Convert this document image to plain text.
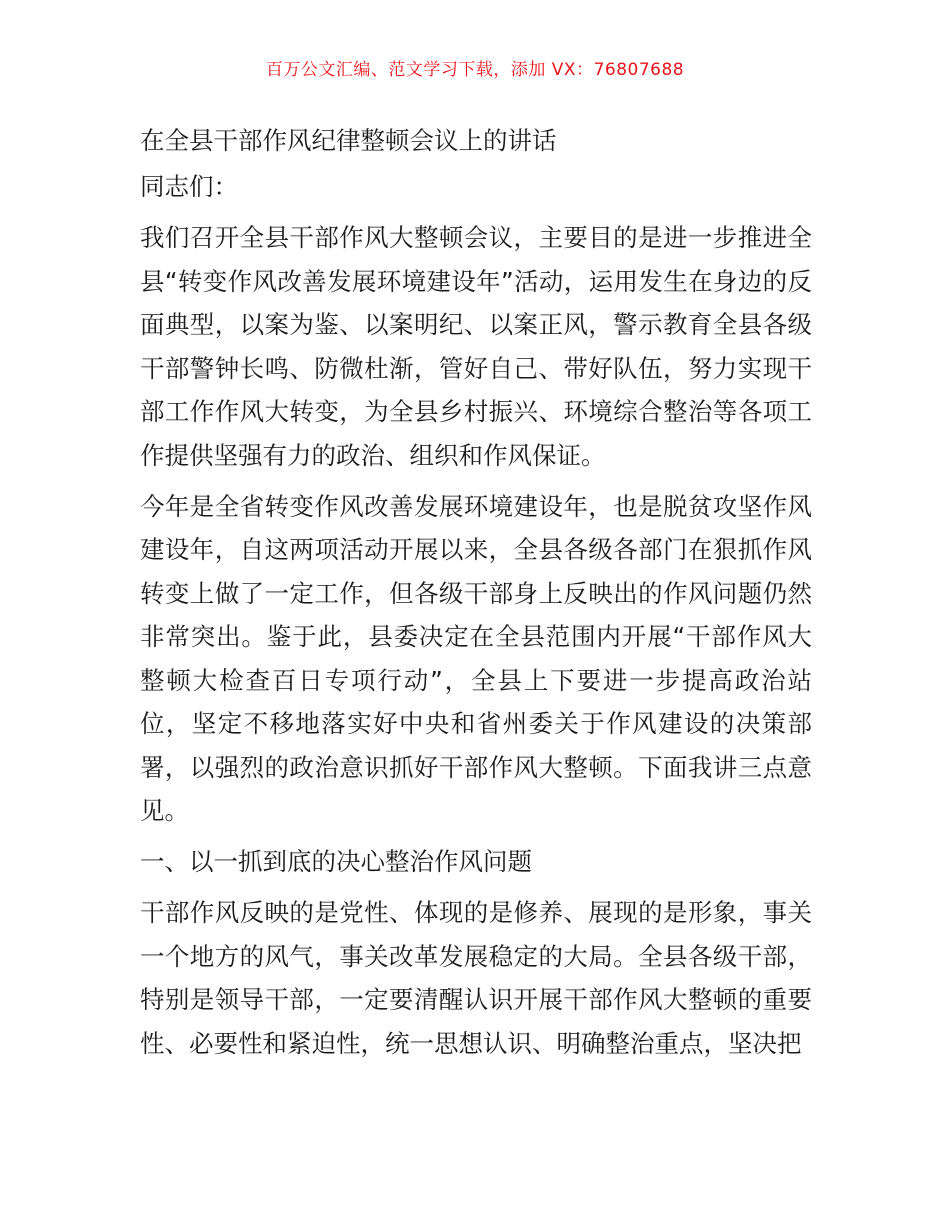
百万公文汇编、范文学习下载，添加 VX：76807688

在全县干部作风纪律整顿会议上的讲话

同志们：

我们召开全县干部作风大整顿会议，主要目的是进一步推进全县“转变作风改善发展环境建设年”活动，运用发生在身边的反面典型，以案为鉴、以案明纪、以案正风，警示教育全县各级干部警钟长鸣、防微杜渐，管好自己、带好队伍，努力实现干部工作作风大转变，为全县乡村振兴、环境综合整治等各项工作提供坚强有力的政治、组织和作风保证。

今年是全省转变作风改善发展环境建设年，也是脱贫攻坚作风建设年，自这两项活动开展以来，全县各级各部门在狠抓作风转变上做了一定工作，但各级干部身上反映出的作风问题仍然非常突出。鉴于此，县委决定在全县范围内开展“干部作风大整顿大检查百日专项行动”，全县上下要进一步提高政治站位，坚定不移地落实好中央和省州委关于作风建设的决策部署，以强烈的政治意识抓好干部作风大整顿。下面我讲三点意见。

一、以一抓到底的决心整治作风问题

干部作风反映的是党性、体现的是修养、展现的是形象，事关一个地方的风气，事关改革发展稳定的大局。全县各级干部，特别是领导干部，一定要清醒认识开展干部作风大整顿的重要性、必要性和紧迫性，统一思想认识、明确整治重点，坚决把
